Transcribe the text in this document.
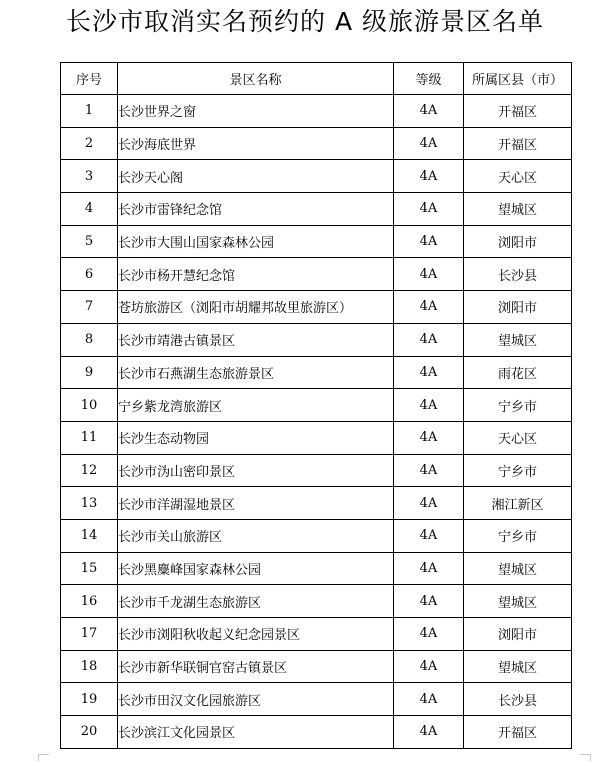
长沙市取消实名预约的 A 级旅游景区名单
序号	景区名称	等级	所属区县（市）
1	长沙世界之窗	4A	开福区
2	长沙海底世界	4A	开福区
3	长沙天心阁	4A	天心区
4	长沙市雷锋纪念馆	4A	望城区
5	长沙市大围山国家森林公园	4A	浏阳市
6	长沙市杨开慧纪念馆	4A	长沙县
7	苍坊旅游区（浏阳市胡耀邦故里旅游区）	4A	浏阳市
8	长沙市靖港古镇景区	4A	望城区
9	长沙市石燕湖生态旅游景区	4A	雨花区
10	宁乡紫龙湾旅游区	4A	宁乡市
11	长沙生态动物园	4A	天心区
12	长沙市沩山密印景区	4A	宁乡市
13	长沙市洋湖湿地景区	4A	湘江新区
14	长沙市关山旅游区	4A	宁乡市
15	长沙黑麋峰国家森林公园	4A	望城区
16	长沙市千龙湖生态旅游区	4A	望城区
17	长沙市浏阳秋收起义纪念园景区	4A	浏阳市
18	长沙市新华联铜官窑古镇景区	4A	望城区
19	长沙市田汉文化园旅游区	4A	长沙县
20	长沙滨江文化园景区	4A	开福区
